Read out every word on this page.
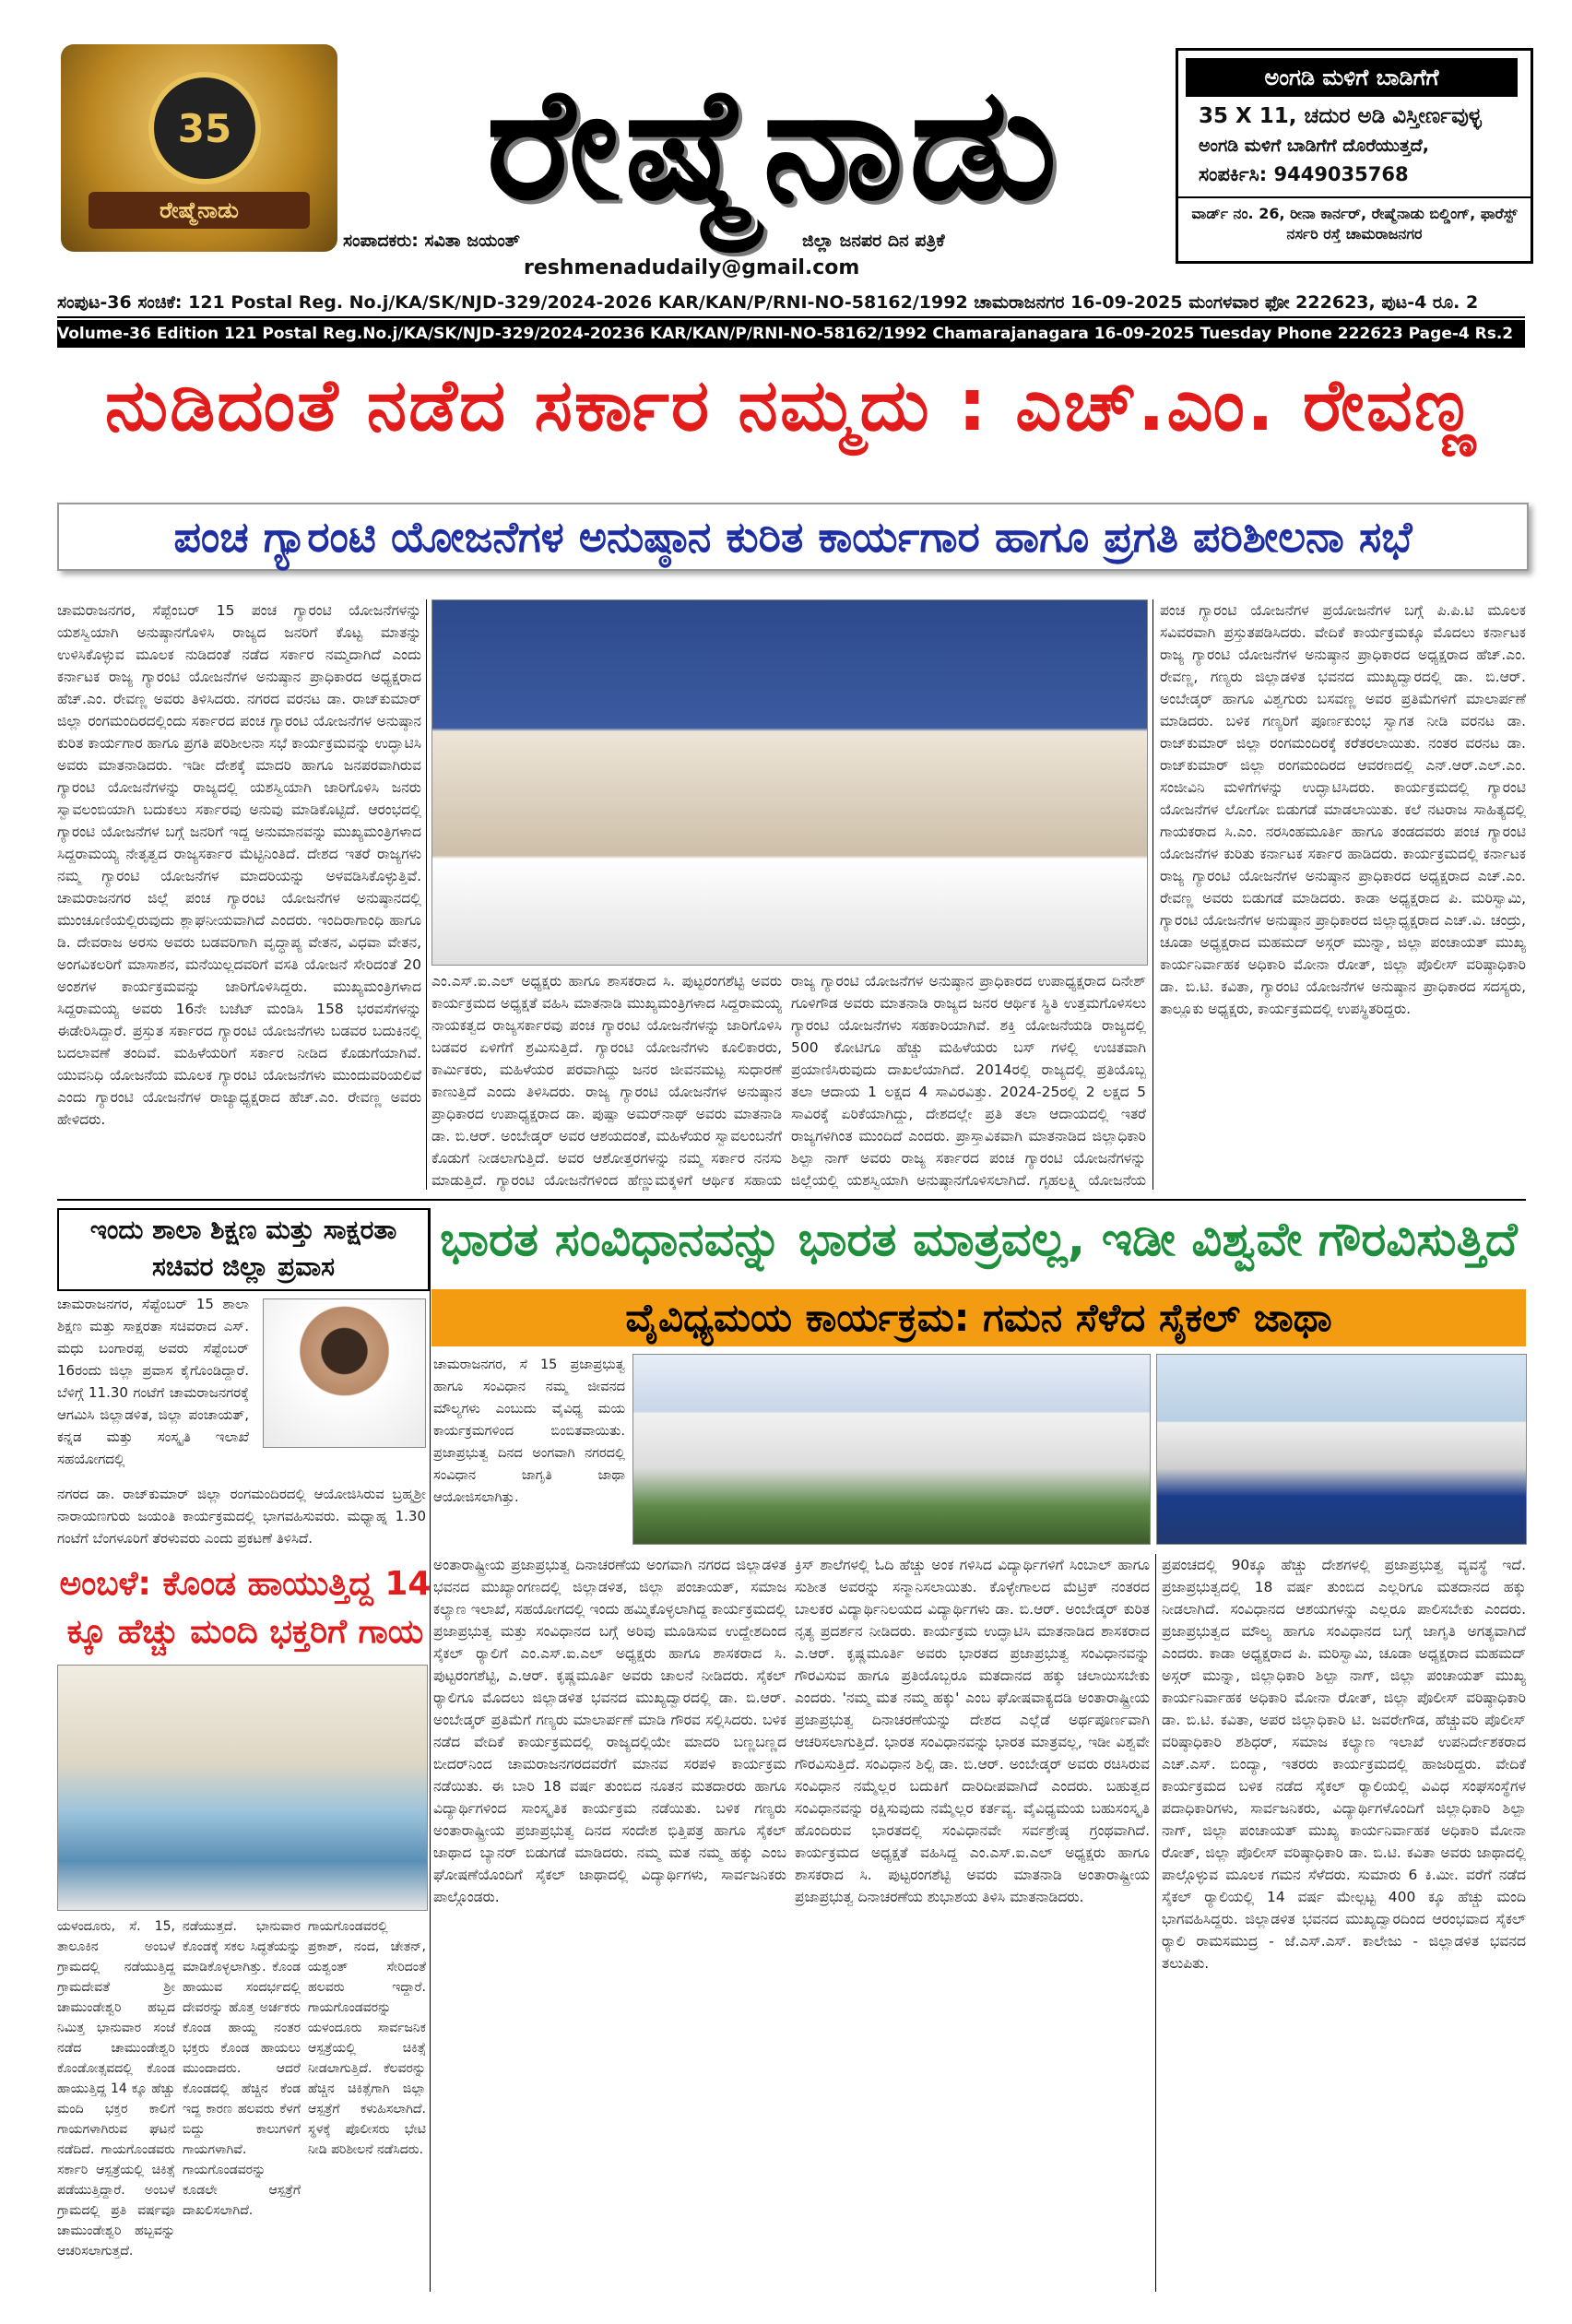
35
ರೇಷ್ಮೆನಾಡು	ರೇಷ್ಮೆನಾಡು
ಸಂಪಾದಕರು: ಸವಿತಾ ಜಯಂತ್	ಜಿಲ್ಲಾ ಜನಪರ ದಿನ ಪತ್ರಿಕೆ
reshmenadudaily@gmail.com
ಅಂಗಡಿ ಮಳಿಗೆ ಬಾಡಿಗೆಗೆ
35 X 11, ಚದುರ ಅಡಿ ವಿಸ್ತೀರ್ಣವುಳ್ಳ
ಅಂಗಡಿ ಮಳಿಗೆ ಬಾಡಿಗೆಗೆ ದೊರೆಯುತ್ತದೆ,
ಸಂಪರ್ಕಿಸಿ: 9449035768
ವಾರ್ಡ್ ನಂ. 26, ರೀನಾ ಕಾರ್ನರ್, ರೇಷ್ಮೆನಾಡು ಬಿಲ್ಡಿಂಗ್, ಫಾರೆಸ್ಟ್ ನರ್ಸರಿ ರಸ್ತೆ ಚಾಮರಾಜನಗರ
ಸಂಪುಟ-36 ಸಂಚಿಕೆ: 121 Postal Reg. No.j/KA/SK/NJD-329/2024-2026 KAR/KAN/P/RNI-NO-58162/1992 ಚಾಮರಾಜನಗರ 16-09-2025 ಮಂಗಳವಾರ ಫೋ 222623, ಪುಟ-4 ರೂ. 2
Volume-36 Edition 121 Postal Reg.No.j/KA/SK/NJD-329/2024-20236 KAR/KAN/P/RNI-NO-58162/1992 Chamarajanagara 16-09-2025 Tuesday Phone 222623 Page-4 Rs.2
ನುಡಿದಂತೆ ನಡೆದ ಸರ್ಕಾರ ನಮ್ಮದು : ಎಚ್.ಎಂ. ರೇವಣ್ಣ
ಪಂಚ ಗ್ಯಾರಂಟಿ ಯೋಜನೆಗಳ ಅನುಷ್ಠಾನ ಕುರಿತ ಕಾರ್ಯಗಾರ ಹಾಗೂ ಪ್ರಗತಿ ಪರಿಶೀಲನಾ ಸಭೆ
ಚಾಮರಾಜನಗರ, ಸೆಪ್ಟೆಂಬರ್ 15 ಪಂಚ ಗ್ಯಾರಂಟಿ ಯೋಜನೆಗಳನ್ನು ಯಶಸ್ವಿಯಾಗಿ ಅನುಷ್ಠಾನಗೊಳಿಸಿ ರಾಜ್ಯದ ಜನರಿಗೆ ಕೊಟ್ಟ ಮಾತನ್ನು ಉಳಿಸಿಕೊಳ್ಳುವ ಮೂಲಕ ನುಡಿದಂತೆ ನಡೆದ ಸರ್ಕಾರ ನಮ್ಮದಾಗಿದೆ ಎಂದು ಕರ್ನಾಟಕ ರಾಜ್ಯ ಗ್ಯಾರಂಟಿ ಯೋಜನೆಗಳ ಅನುಷ್ಠಾನ ಪ್ರಾಧಿಕಾರದ ಅಧ್ಯಕ್ಷರಾದ ಹೆಚ್.ಎಂ. ರೇವಣ್ಣ ಅವರು ತಿಳಿಸಿದರು. ನಗರದ ವರನಟ ಡಾ. ರಾಜ್‌ಕುಮಾರ್ ಜಿಲ್ಲಾ ರಂಗಮಂದಿರದಲ್ಲಿಂದು ಸರ್ಕಾರದ ಪಂಚ ಗ್ಯಾರಂಟಿ ಯೋಜನೆಗಳ ಅನುಷ್ಠಾನ ಕುರಿತ ಕಾರ್ಯಗಾರ ಹಾಗೂ ಪ್ರಗತಿ ಪರಿಶೀಲನಾ ಸಭೆ ಕಾರ್ಯಕ್ರಮವನ್ನು ಉದ್ಘಾಟಿಸಿ ಅವರು ಮಾತನಾಡಿದರು. ಇಡೀ ದೇಶಕ್ಕೆ ಮಾದರಿ ಹಾಗೂ ಜನಪರವಾಗಿರುವ ಗ್ಯಾರಂಟಿ ಯೋಜನೆಗಳನ್ನು ರಾಜ್ಯದಲ್ಲಿ ಯಶಸ್ವಿಯಾಗಿ ಜಾರಿಗೊಳಿಸಿ ಜನರು ಸ್ವಾವಲಂಬಿಯಾಗಿ ಬದುಕಲು ಸರ್ಕಾರವು ಅನುವು ಮಾಡಿಕೊಟ್ಟಿದೆ. ಆರಂಭದಲ್ಲಿ ಗ್ಯಾರಂಟಿ ಯೋಜನೆಗಳ ಬಗ್ಗೆ ಜನರಿಗೆ ಇದ್ದ ಅನುಮಾನವನ್ನು ಮುಖ್ಯಮಂತ್ರಿಗಳಾದ ಸಿದ್ದರಾಮಯ್ಯ ನೇತೃತ್ವದ ರಾಜ್ಯಸರ್ಕಾರ ಮೆಟ್ಟಿನಿಂತಿದೆ. ದೇಶದ ಇತರೆ ರಾಜ್ಯಗಳು ನಮ್ಮ ಗ್ಯಾರಂಟಿ ಯೋಜನೆಗಳ ಮಾದರಿಯನ್ನು ಅಳವಡಿಸಿಕೊಳ್ಳುತ್ತಿವೆ. ಚಾಮರಾಜನಗರ ಜಿಲ್ಲೆ ಪಂಚ ಗ್ಯಾರಂಟಿ ಯೋಜನೆಗಳ ಅನುಷ್ಠಾನದಲ್ಲಿ ಮುಂಚೂಣಿಯಲ್ಲಿರುವುದು ಶ್ಲಾಘನೀಯವಾಗಿದೆ ಎಂದರು. ಇಂದಿರಾಗಾಂಧಿ ಹಾಗೂ ಡಿ. ದೇವರಾಜ ಅರಸು ಅವರು ಬಡವರಿಗಾಗಿ ವೃದ್ಧಾಪ್ಯ ವೇತನ, ವಿಧವಾ ವೇತನ, ಅಂಗವಿಕಲರಿಗೆ ಮಾಸಾಶನ, ಮನೆಯಿಲ್ಲದವರಿಗೆ ವಸತಿ ಯೋಜನೆ ಸೇರಿದಂತೆ 20 ಅಂಶಗಳ ಕಾರ್ಯಕ್ರಮವನ್ನು ಜಾರಿಗೊಳಿಸಿದ್ದರು. ಮುಖ್ಯಮಂತ್ರಿಗಳಾದ ಸಿದ್ದರಾಮಯ್ಯ ಅವರು 16ನೇ ಬಜೆಟ್ ಮಂಡಿಸಿ 158 ಭರವಸೆಗಳನ್ನು ಈಡೇರಿಸಿದ್ದಾರೆ. ಪ್ರಸ್ತುತ ಸರ್ಕಾರದ ಗ್ಯಾರಂಟಿ ಯೋಜನೆಗಳು ಬಡವರ ಬದುಕಿನಲ್ಲಿ ಬದಲಾವಣೆ ತಂದಿವೆ. ಮಹಿಳೆಯರಿಗೆ ಸರ್ಕಾರ ನೀಡಿದ ಕೊಡುಗೆಯಾಗಿವೆ. ಯುವನಿಧಿ ಯೋಜನೆಯ ಮೂಲಕ ಗ್ಯಾರಂಟಿ ಯೋಜನೆಗಳು ಮುಂದುವರಿಯಲಿವೆ ಎಂದು ಗ್ಯಾರಂಟಿ ಯೋಜನೆಗಳ ರಾಜ್ಯಾಧ್ಯಕ್ಷರಾದ ಹೆಚ್.ಎಂ. ರೇವಣ್ಣ ಅವರು ಹೇಳಿದರು.
ಎಂ.ಎಸ್.ಐ.ಎಲ್ ಅಧ್ಯಕ್ಷರು ಹಾಗೂ ಶಾಸಕರಾದ ಸಿ. ಪುಟ್ಟರಂಗಶೆಟ್ಟಿ ಅವರು ಕಾರ್ಯಕ್ರಮದ ಅಧ್ಯಕ್ಷತೆ ವಹಿಸಿ ಮಾತನಾಡಿ ಮುಖ್ಯಮಂತ್ರಿಗಳಾದ ಸಿದ್ದರಾಮಯ್ಯ ನಾಯಕತ್ವದ ರಾಜ್ಯಸರ್ಕಾರವು ಪಂಚ ಗ್ಯಾರಂಟಿ ಯೋಜನೆಗಳನ್ನು ಜಾರಿಗೊಳಿಸಿ ಬಡವರ ಏಳಿಗೆಗೆ ಶ್ರಮಿಸುತ್ತಿದೆ. ಗ್ಯಾರಂಟಿ ಯೋಜನೆಗಳು ಕೂಲಿಕಾರರು, ಕಾರ್ಮಿಕರು, ಮಹಿಳೆಯರ ಪರವಾಗಿದ್ದು ಜನರ ಜೀವನಮಟ್ಟ ಸುಧಾರಣೆ ಕಾಣುತ್ತಿದೆ ಎಂದು ತಿಳಿಸಿದರು. ರಾಜ್ಯ ಗ್ಯಾರಂಟಿ ಯೋಜನೆಗಳ ಅನುಷ್ಠಾನ ಪ್ರಾಧಿಕಾರದ ಉಪಾಧ್ಯಕ್ಷರಾದ ಡಾ. ಪುಷ್ಪಾ ಅಮರ್‌ನಾಥ್ ಅವರು ಮಾತನಾಡಿ ಡಾ. ಬಿ.ಆರ್. ಅಂಬೇಡ್ಕರ್ ಅವರ ಆಶಯದಂತೆ, ಮಹಿಳೆಯರ ಸ್ವಾವಲಂಬನೆಗೆ ಕೊಡುಗೆ ನೀಡಲಾಗುತ್ತಿದೆ. ಅವರ ಆಶೋತ್ತರಗಳನ್ನು ನಮ್ಮ ಸರ್ಕಾರ ನನಸು ಮಾಡುತ್ತಿದೆ. ಗ್ಯಾರಂಟಿ ಯೋಜನೆಗಳಿಂದ ಹೆಣ್ಣುಮಕ್ಕಳಿಗೆ ಆರ್ಥಿಕ ಸಹಾಯ
ರಾಜ್ಯ ಗ್ಯಾರಂಟಿ ಯೋಜನೆಗಳ ಅನುಷ್ಠಾನ ಪ್ರಾಧಿಕಾರದ ಉಪಾಧ್ಯಕ್ಷರಾದ ದಿನೇಶ್ ಗೂಳಿಗೌಡ ಅವರು ಮಾತನಾಡಿ ರಾಜ್ಯದ ಜನರ ಆರ್ಥಿಕ ಸ್ಥಿತಿ ಉತ್ತಮಗೊಳಿಸಲು ಗ್ಯಾರಂಟಿ ಯೋಜನೆಗಳು ಸಹಕಾರಿಯಾಗಿವೆ. ಶಕ್ತಿ ಯೋಜನೆಯಡಿ ರಾಜ್ಯದಲ್ಲಿ 500 ಕೋಟಿಗೂ ಹೆಚ್ಚು ಮಹಿಳೆಯರು ಬಸ್‌ ಗಳಲ್ಲಿ ಉಚಿತವಾಗಿ ಪ್ರಯಾಣಿಸಿರುವುದು ದಾಖಲೆಯಾಗಿದೆ. 2014ರಲ್ಲಿ ರಾಜ್ಯದಲ್ಲಿ ಪ್ರತಿಯೊಬ್ಬ ತಲಾ ಆದಾಯ 1 ಲಕ್ಷದ 4 ಸಾವಿರವಿತ್ತು. 2024-25ರಲ್ಲಿ 2 ಲಕ್ಷದ 5 ಸಾವಿರಕ್ಕೆ ಏರಿಕೆಯಾಗಿದ್ದು, ದೇಶದಲ್ಲೇ ಪ್ರತಿ ತಲಾ ಆದಾಯದಲ್ಲಿ ಇತರೆ ರಾಜ್ಯಗಳಿಗಿಂತ ಮುಂದಿದೆ ಎಂದರು. ಪ್ರಾಸ್ತಾವಿಕವಾಗಿ ಮಾತನಾಡಿದ ಜಿಲ್ಲಾಧಿಕಾರಿ ಶಿಲ್ಪಾ ನಾಗ್ ಅವರು ರಾಜ್ಯ ಸರ್ಕಾರದ ಪಂಚ ಗ್ಯಾರಂಟಿ ಯೋಜನೆಗಳನ್ನು ಜಿಲ್ಲೆಯಲ್ಲಿ ಯಶಸ್ವಿಯಾಗಿ ಅನುಷ್ಠಾನಗೊಳಿಸಲಾಗಿದೆ. ಗೃಹಲಕ್ಷ್ಮಿ ಯೋಜನೆಯ
ಪಂಚ ಗ್ಯಾರಂಟಿ ಯೋಜನೆಗಳ ಪ್ರಯೋಜನೆಗಳ ಬಗ್ಗೆ ಪಿ.ಪಿ.ಟಿ ಮೂಲಕ ಸವಿವರವಾಗಿ ಪ್ರಸ್ತುತಪಡಿಸಿದರು. ವೇದಿಕೆ ಕಾರ್ಯಕ್ರಮಕ್ಕೂ ಮೊದಲು ಕರ್ನಾಟಕ ರಾಜ್ಯ ಗ್ಯಾರಂಟಿ ಯೋಜನೆಗಳ ಅನುಷ್ಠಾನ ಪ್ರಾಧಿಕಾರದ ಅಧ್ಯಕ್ಷರಾದ ಹೆಚ್.ಎಂ. ರೇವಣ್ಣ, ಗಣ್ಯರು ಜಿಲ್ಲಾಡಳಿತ ಭವನದ ಮುಖ್ಯದ್ವಾರದಲ್ಲಿ ಡಾ. ಬಿ.ಆರ್. ಅಂಬೇಡ್ಕರ್ ಹಾಗೂ ವಿಶ್ವಗುರು ಬಸವಣ್ಣ ಅವರ ಪ್ರತಿಮೆಗಳಿಗೆ ಮಾಲಾರ್ಪಣೆ ಮಾಡಿದರು. ಬಳಿಕ ಗಣ್ಯರಿಗೆ ಪೂರ್ಣಕುಂಭ ಸ್ವಾಗತ ನೀಡಿ ವರನಟ ಡಾ. ರಾಜ್‌ಕುಮಾರ್ ಜಿಲ್ಲಾ ರಂಗಮಂದಿರಕ್ಕೆ ಕರೆತರಲಾಯಿತು. ನಂತರ ವರನಟ ಡಾ. ರಾಜ್‌ಕುಮಾರ್ ಜಿಲ್ಲಾ ರಂಗಮಂದಿರದ ಆವರಣದಲ್ಲಿ ಎನ್.ಆರ್.ಎಲ್.ಎಂ. ಸಂಜೀವಿನಿ ಮಳಿಗೆಗಳನ್ನು ಉದ್ಘಾಟಿಸಿದರು. ಕಾರ್ಯಕ್ರಮದಲ್ಲಿ ಗ್ಯಾರಂಟಿ ಯೋಜನೆಗಳ ಲೋಗೋ ಬಿಡುಗಡೆ ಮಾಡಲಾಯಿತು. ಕಲೆ ನಟರಾಜ ಸಾಹಿತ್ಯದಲ್ಲಿ ಗಾಯಕರಾದ ಸಿ.ಎಂ. ನರಸಿಂಹಮೂರ್ತಿ ಹಾಗೂ ತಂಡದವರು ಪಂಚ ಗ್ಯಾರಂಟಿ ಯೋಜನೆಗಳ ಕುರಿತು ಕರ್ನಾಟಕ ಸರ್ಕಾರ ಹಾಡಿದರು. ಕಾರ್ಯಕ್ರಮದಲ್ಲಿ ಕರ್ನಾಟಕ ರಾಜ್ಯ ಗ್ಯಾರಂಟಿ ಯೋಜನೆಗಳ ಅನುಷ್ಠಾನ ಪ್ರಾಧಿಕಾರದ ಅಧ್ಯಕ್ಷರಾದ ಎಚ್.ಎಂ. ರೇವಣ್ಣ ಅವರು ಬಿಡುಗಡೆ ಮಾಡಿದರು. ಕಾಡಾ ಅಧ್ಯಕ್ಷರಾದ ಪಿ. ಮರಿಸ್ವಾಮಿ, ಗ್ಯಾರಂಟಿ ಯೋಜನೆಗಳ ಅನುಷ್ಠಾನ ಪ್ರಾಧಿಕಾರದ ಜಿಲ್ಲಾಧ್ಯಕ್ಷರಾದ ಎಚ್.ವಿ. ಚಂದ್ರು, ಚೂಡಾ ಅಧ್ಯಕ್ಷರಾದ ಮಹಮದ್ ಅಸ್ಗರ್ ಮುನ್ನಾ, ಜಿಲ್ಲಾ ಪಂಚಾಯತ್ ಮುಖ್ಯ ಕಾರ್ಯನಿರ್ವಾಹಕ ಅಧಿಕಾರಿ ಮೋನಾ ರೋತ್, ಜಿಲ್ಲಾ ಪೊಲೀಸ್ ವರಿಷ್ಠಾಧಿಕಾರಿ ಡಾ. ಬಿ.ಟಿ. ಕವಿತಾ, ಗ್ಯಾರಂಟಿ ಯೋಜನೆಗಳ ಅನುಷ್ಠಾನ ಪ್ರಾಧಿಕಾರದ ಸದಸ್ಯರು, ತಾಲ್ಲೂಕು ಅಧ್ಯಕ್ಷರು, ಕಾರ್ಯಕ್ರಮದಲ್ಲಿ ಉಪಸ್ಥಿತರಿದ್ದರು.
ಇಂದು ಶಾಲಾ ಶಿಕ್ಷಣ ಮತ್ತು ಸಾಕ್ಷರತಾ ಸಚಿವರ ಜಿಲ್ಲಾ ಪ್ರವಾಸ
ಚಾಮರಾಜನಗರ, ಸೆಪ್ಟೆಂಬರ್ 15 ಶಾಲಾ ಶಿಕ್ಷಣ ಮತ್ತು ಸಾಕ್ಷರತಾ ಸಚಿವರಾದ ಎಸ್. ಮಧು ಬಂಗಾರಪ್ಪ ಅವರು ಸೆಪ್ಟೆಂಬರ್ 16ರಂದು ಜಿಲ್ಲಾ ಪ್ರವಾಸ ಕೈಗೊಂಡಿದ್ದಾರೆ. ಬೆಳಿಗ್ಗೆ 11.30 ಗಂಟೆಗೆ ಚಾಮರಾಜನಗರಕ್ಕೆ ಆಗಮಿಸಿ ಜಿಲ್ಲಾಡಳಿತ, ಜಿಲ್ಲಾ ಪಂಚಾಯತ್, ಕನ್ನಡ ಮತ್ತು ಸಂಸ್ಕೃತಿ ಇಲಾಖೆ ಸಹಯೋಗದಲ್ಲಿ
ನಗರದ ಡಾ. ರಾಜ್‌ಕುಮಾರ್ ಜಿಲ್ಲಾ ರಂಗಮಂದಿರದಲ್ಲಿ ಆಯೋಜಿಸಿರುವ ಬ್ರಹ್ಮಶ್ರೀ ನಾರಾಯಣಗುರು ಜಯಂತಿ ಕಾರ್ಯಕ್ರಮದಲ್ಲಿ ಭಾಗವಹಿಸುವರು. ಮಧ್ಯಾಹ್ನ 1.30 ಗಂಟೆಗೆ ಬೆಂಗಳೂರಿಗೆ ತೆರಳುವರು ಎಂದು ಪ್ರಕಟಣೆ ತಿಳಿಸಿದೆ.
ಭಾರತ ಸಂವಿಧಾನವನ್ನು ಭಾರತ ಮಾತ್ರವಲ್ಲ, ಇಡೀ ವಿಶ್ವವೇ ಗೌರವಿಸುತ್ತಿದೆ
ವೈವಿಧ್ಯಮಯ ಕಾರ್ಯಕ್ರಮ: ಗಮನ ಸೆಳೆದ ಸೈಕಲ್ ಜಾಥಾ
ಚಾಮರಾಜನಗರ, ಸೆ 15 ಪ್ರಜಾಪ್ರಭುತ್ವ ಹಾಗೂ ಸಂವಿಧಾನ ನಮ್ಮ ಜೀವನದ ಮೌಲ್ಯಗಳು ಎಂಬುದು ವೈವಿಧ್ಯ ಮಯ ಕಾರ್ಯಕ್ರಮಗಳಿಂದ ಬಿಂಬಿತವಾಯಿತು. ಪ್ರಜಾಪ್ರಭುತ್ವ ದಿನದ ಅಂಗವಾಗಿ ನಗರದಲ್ಲಿ ಸಂವಿಧಾನ ಜಾಗೃತಿ ಜಾಥಾ ಆಯೋಜಿಸಲಾಗಿತ್ತು.
ಅಂತಾರಾಷ್ಟ್ರೀಯ ಪ್ರಜಾಪ್ರಭುತ್ವ ದಿನಾಚರಣೆಯ ಅಂಗವಾಗಿ ನಗರದ ಜಿಲ್ಲಾಡಳಿತ ಭವನದ ಮುಖ್ಯಾಂಗಣದಲ್ಲಿ ಜಿಲ್ಲಾಡಳಿತ, ಜಿಲ್ಲಾ ಪಂಚಾಯತ್, ಸಮಾಜ ಕಲ್ಯಾಣ ಇಲಾಖೆ, ಸಹಯೋಗದಲ್ಲಿ ಇಂದು ಹಮ್ಮಿಕೊಳ್ಳಲಾಗಿದ್ದ ಕಾರ್ಯಕ್ರಮದಲ್ಲಿ ಪ್ರಜಾಪ್ರಭುತ್ವ ಮತ್ತು ಸಂವಿಧಾನದ ಬಗ್ಗೆ ಅರಿವು ಮೂಡಿಸುವ ಉದ್ದೇಶದಿಂದ ಸೈಕಲ್ ರ್‍ಯಾಲಿಗೆ ಎಂ.ಎಸ್.ಐ.ಎಲ್ ಅಧ್ಯಕ್ಷರು ಹಾಗೂ ಶಾಸಕರಾದ ಸಿ. ಪುಟ್ಟರಂಗಶೆಟ್ಟಿ, ಎ.ಆರ್. ಕೃಷ್ಣಮೂರ್ತಿ ಅವರು ಚಾಲನೆ ನೀಡಿದರು. ಸೈಕಲ್ ರ್‍ಯಾಲಿಗೂ ಮೊದಲು ಜಿಲ್ಲಾಡಳಿತ ಭವನದ ಮುಖ್ಯದ್ವಾರದಲ್ಲಿ ಡಾ. ಬಿ.ಆರ್. ಅಂಬೇಡ್ಕರ್ ಪ್ರತಿಮೆಗೆ ಗಣ್ಯರು ಮಾಲಾರ್ಪಣೆ ಮಾಡಿ ಗೌರವ ಸಲ್ಲಿಸಿದರು. ಬಳಿಕ ನಡೆದ ವೇದಿಕೆ ಕಾರ್ಯಕ್ರಮದಲ್ಲಿ ರಾಜ್ಯದಲ್ಲಿಯೇ ಮಾದರಿ ಬಣ್ಣಬಣ್ಣದ ಬೀದರ್‌ನಿಂದ ಚಾಮರಾಜನಗರದವರೆಗೆ ಮಾನವ ಸರಪಳಿ ಕಾರ್ಯಕ್ರಮ ನಡೆಯಿತು. ಈ ಬಾರಿ 18 ವರ್ಷ ತುಂಬಿದ ನೂತನ ಮತದಾರರು ಹಾಗೂ ವಿದ್ಯಾರ್ಥಿಗಳಿಂದ ಸಾಂಸ್ಕೃತಿಕ ಕಾರ್ಯಕ್ರಮ ನಡೆಯಿತು. ಬಳಿಕ ಗಣ್ಯರು ಅಂತಾರಾಷ್ಟ್ರೀಯ ಪ್ರಜಾಪ್ರಭುತ್ವ ದಿನದ ಸಂದೇಶ ಭಿತ್ತಿಪತ್ರ ಹಾಗೂ ಸೈಕಲ್ ಜಾಥಾದ ಬ್ಯಾನರ್ ಬಿಡುಗಡೆ ಮಾಡಿದರು. ನಮ್ಮ ಮತ ನಮ್ಮ ಹಕ್ಕು ಎಂಬ ಘೋಷಣೆಯೊಂದಿಗೆ ಸೈಕಲ್ ಜಾಥಾದಲ್ಲಿ ವಿದ್ಯಾರ್ಥಿಗಳು, ಸಾರ್ವಜನಿಕರು ಪಾಲ್ಗೊಂಡರು.
ಕ್ರಿಸ್ ಶಾಲೆಗಳಲ್ಲಿ ಓದಿ ಹೆಚ್ಚು ಅಂಕ ಗಳಿಸಿದ ವಿದ್ಯಾರ್ಥಿಗಳಿಗೆ ಸಿಂಬಾಲ್ ಹಾಗೂ ಸುಶೀತ ಅವರನ್ನು ಸನ್ಮಾನಿಸಲಾಯಿತು. ಕೊಳ್ಳೇಗಾಲದ ಮೆಟ್ರಿಕ್ ನಂತರದ ಬಾಲಕರ ವಿದ್ಯಾರ್ಥಿನಿಲಯದ ವಿದ್ಯಾರ್ಥಿಗಳು ಡಾ. ಬಿ.ಆರ್. ಅಂಬೇಡ್ಕರ್ ಕುರಿತ ನೃತ್ಯ ಪ್ರದರ್ಶನ ನೀಡಿದರು. ಕಾರ್ಯಕ್ರಮ ಉದ್ಘಾಟಿಸಿ ಮಾತನಾಡಿದ ಶಾಸಕರಾದ ಎ.ಆರ್. ಕೃಷ್ಣಮೂರ್ತಿ ಅವರು ಭಾರತದ ಪ್ರಜಾಪ್ರಭುತ್ವ ಸಂವಿಧಾನವನ್ನು ಗೌರವಿಸುವ ಹಾಗೂ ಪ್ರತಿಯೊಬ್ಬರೂ ಮತದಾನದ ಹಕ್ಕು ಚಲಾಯಿಸಬೇಕು ಎಂದರು. 'ನಮ್ಮ ಮತ ನಮ್ಮ ಹಕ್ಕು' ಎಂಬ ಘೋಷವಾಕ್ಯದಡಿ ಅಂತಾರಾಷ್ಟ್ರೀಯ ಪ್ರಜಾಪ್ರಭುತ್ವ ದಿನಾಚರಣೆಯನ್ನು ದೇಶದ ಎಲ್ಲೆಡೆ ಅರ್ಥಪೂರ್ಣವಾಗಿ ಆಚರಿಸಲಾಗುತ್ತಿದೆ. ಭಾರತ ಸಂವಿಧಾನವನ್ನು ಭಾರತ ಮಾತ್ರವಲ್ಲ, ಇಡೀ ವಿಶ್ವವೇ ಗೌರವಿಸುತ್ತಿದೆ. ಸಂವಿಧಾನ ಶಿಲ್ಪಿ ಡಾ. ಬಿ.ಆರ್. ಅಂಬೇಡ್ಕರ್ ಅವರು ರಚಿಸಿರುವ ಸಂವಿಧಾನ ನಮ್ಮೆಲ್ಲರ ಬದುಕಿಗೆ ದಾರಿದೀಪವಾಗಿದೆ ಎಂದರು. ಬಹುತ್ವದ ಸಂವಿಧಾನವನ್ನು ರಕ್ಷಿಸುವುದು ನಮ್ಮೆಲ್ಲರ ಕರ್ತವ್ಯ. ವೈವಿಧ್ಯಮಯ ಬಹುಸಂಸ್ಕೃತಿ ಹೊಂದಿರುವ ಭಾರತದಲ್ಲಿ ಸಂವಿಧಾನವೇ ಸರ್ವಶ್ರೇಷ್ಠ ಗ್ರಂಥವಾಗಿದೆ. ಕಾರ್ಯಕ್ರಮದ ಅಧ್ಯಕ್ಷತೆ ವಹಿಸಿದ್ದ ಎಂ.ಎಸ್.ಐ.ಎಲ್ ಅಧ್ಯಕ್ಷರು ಹಾಗೂ ಶಾಸಕರಾದ ಸಿ. ಪುಟ್ಟರಂಗಶೆಟ್ಟಿ ಅವರು ಮಾತನಾಡಿ ಅಂತಾರಾಷ್ಟ್ರೀಯ ಪ್ರಜಾಪ್ರಭುತ್ವ ದಿನಾಚರಣೆಯ ಶುಭಾಶಯ ತಿಳಿಸಿ ಮಾತನಾಡಿದರು.
ಪ್ರಪಂಚದಲ್ಲಿ 90ಕ್ಕೂ ಹೆಚ್ಚು ದೇಶಗಳಲ್ಲಿ ಪ್ರಜಾಪ್ರಭುತ್ವ ವ್ಯವಸ್ಥೆ ಇದೆ. ಪ್ರಜಾಪ್ರಭುತ್ವದಲ್ಲಿ 18 ವರ್ಷ ತುಂಬಿದ ಎಲ್ಲರಿಗೂ ಮತದಾನದ ಹಕ್ಕು ನೀಡಲಾಗಿದೆ. ಸಂವಿಧಾನದ ಆಶಯಗಳನ್ನು ಎಲ್ಲರೂ ಪಾಲಿಸಬೇಕು ಎಂದರು. ಪ್ರಜಾಪ್ರಭುತ್ವದ ಮೌಲ್ಯ ಹಾಗೂ ಸಂವಿಧಾನದ ಬಗ್ಗೆ ಜಾಗೃತಿ ಅಗತ್ಯವಾಗಿದೆ ಎಂದರು. ಕಾಡಾ ಅಧ್ಯಕ್ಷರಾದ ಪಿ. ಮರಿಸ್ವಾಮಿ, ಚೂಡಾ ಅಧ್ಯಕ್ಷರಾದ ಮಹಮದ್ ಅಸ್ಗರ್ ಮುನ್ನಾ, ಜಿಲ್ಲಾಧಿಕಾರಿ ಶಿಲ್ಪಾ ನಾಗ್, ಜಿಲ್ಲಾ ಪಂಚಾಯತ್ ಮುಖ್ಯ ಕಾರ್ಯನಿರ್ವಾಹಕ ಅಧಿಕಾರಿ ಮೋನಾ ರೋತ್, ಜಿಲ್ಲಾ ಪೊಲೀಸ್ ವರಿಷ್ಠಾಧಿಕಾರಿ ಡಾ. ಬಿ.ಟಿ. ಕವಿತಾ, ಅಪರ ಜಿಲ್ಲಾಧಿಕಾರಿ ಟಿ. ಜವರೇಗೌಡ, ಹೆಚ್ಚುವರಿ ಪೊಲೀಸ್ ವರಿಷ್ಠಾಧಿಕಾರಿ ಶಶಿಧರ್, ಸಮಾಜ ಕಲ್ಯಾಣ ಇಲಾಖೆ ಉಪನಿರ್ದೇಶಕರಾದ ಎಚ್.ಎಸ್. ಬಿಂದ್ಯಾ, ಇತರರು ಕಾರ್ಯಕ್ರಮದಲ್ಲಿ ಹಾಜರಿದ್ದರು. ವೇದಿಕೆ ಕಾರ್ಯಕ್ರಮದ ಬಳಿಕ ನಡೆದ ಸೈಕಲ್ ರ್‍ಯಾಲಿಯಲ್ಲಿ ವಿವಿಧ ಸಂಘಸಂಸ್ಥೆಗಳ ಪದಾಧಿಕಾರಿಗಳು, ಸಾರ್ವಜನಿಕರು, ವಿದ್ಯಾರ್ಥಿಗಳೊಂದಿಗೆ ಜಿಲ್ಲಾಧಿಕಾರಿ ಶಿಲ್ಪಾ ನಾಗ್, ಜಿಲ್ಲಾ ಪಂಚಾಯತ್ ಮುಖ್ಯ ಕಾರ್ಯನಿರ್ವಾಹಕ ಅಧಿಕಾರಿ ಮೋನಾ ರೋತ್, ಜಿಲ್ಲಾ ಪೊಲೀಸ್ ವರಿಷ್ಠಾಧಿಕಾರಿ ಡಾ. ಬಿ.ಟಿ. ಕವಿತಾ ಅವರು ಜಾಥಾದಲ್ಲಿ ಪಾಲ್ಗೊಳ್ಳುವ ಮೂಲಕ ಗಮನ ಸೆಳೆದರು. ಸುಮಾರು 6 ಕಿ.ಮೀ. ವರೆಗೆ ನಡೆದ ಸೈಕಲ್ ರ್‍ಯಾಲಿಯಲ್ಲಿ 14 ವರ್ಷ ಮೇಲ್ಪಟ್ಟ 400 ಕ್ಕೂ ಹೆಚ್ಚು ಮಂದಿ ಭಾಗವಹಿಸಿದ್ದರು. ಜಿಲ್ಲಾಡಳಿತ ಭವನದ ಮುಖ್ಯದ್ವಾರದಿಂದ ಆರಂಭವಾದ ಸೈಕಲ್ ರ್‍ಯಾಲಿ ರಾಮಸಮುದ್ರ - ಜೆ.ಎಸ್.ಎಸ್. ಕಾಲೇಜು - ಜಿಲ್ಲಾಡಳಿತ ಭವನದ ತಲುಪಿತು.
ಅಂಬಳೆ: ಕೊಂಡ ಹಾಯುತ್ತಿದ್ದ 14 ಕ್ಕೂ ಹೆಚ್ಚು ಮಂದಿ ಭಕ್ತರಿಗೆ ಗಾಯ
ಯಳಂದೂರು, ಸೆ. 15, ತಾಲೂಕಿನ ಅಂಬಳೆ ಗ್ರಾಮದಲ್ಲಿ ನಡೆಯುತ್ತಿದ್ದ ಗ್ರಾಮದೇವತೆ ಶ್ರೀ ಚಾಮುಂಡೇಶ್ವರಿ ಹಬ್ಬದ ನಿಮಿತ್ತ ಭಾನುವಾರ ಸಂಜೆ ನಡೆದ ಚಾಮುಂಡೇಶ್ವರಿ ಕೊಂಡೋತ್ಸವದಲ್ಲಿ ಕೊಂಡ ಹಾಯುತ್ತಿದ್ದ 14 ಕ್ಕೂ ಹೆಚ್ಚು ಮಂದಿ ಭಕ್ತರ ಕಾಲಿಗೆ ಗಾಯಗಳಾಗಿರುವ ಘಟನೆ ನಡೆದಿದೆ. ಗಾಯಗೊಂಡವರು ಸರ್ಕಾರಿ ಆಸ್ಪತ್ರೆಯಲ್ಲಿ ಚಿಕಿತ್ಸೆ ಪಡೆಯುತ್ತಿದ್ದಾರೆ. ಅಂಬಳೆ ಗ್ರಾಮದಲ್ಲಿ ಪ್ರತಿ ವರ್ಷವೂ ಚಾಮುಂಡೇಶ್ವರಿ ಹಬ್ಬವನ್ನು ಆಚರಿಸಲಾಗುತ್ತದೆ.
ನಡೆಯುತ್ತದೆ. ಭಾನುವಾರ ಕೊಂಡಕ್ಕೆ ಸಕಲ ಸಿದ್ಧತೆಯನ್ನು ಮಾಡಿಕೊಳ್ಳಲಾಗಿತ್ತು. ಕೊಂಡ ಹಾಯುವ ಸಂದರ್ಭದಲ್ಲಿ ದೇವರನ್ನು ಹೊತ್ತ ಅರ್ಚಕರು ಕೊಂಡ ಹಾಯ್ದ ನಂತರ ಭಕ್ತರು ಕೊಂಡ ಹಾಯಲು ಮುಂದಾದರು. ಆದರೆ ಕೊಂಡದಲ್ಲಿ ಹೆಚ್ಚಿನ ಕೆಂಡ ಇದ್ದ ಕಾರಣ ಹಲವರು ಕೆಳಗೆ ಬಿದ್ದು ಕಾಲುಗಳಿಗೆ ಗಾಯಗಳಾಗಿವೆ. ಗಾಯಗೊಂಡವರನ್ನು ಕೂಡಲೇ ಆಸ್ಪತ್ರೆಗೆ ದಾಖಲಿಸಲಾಗಿದೆ.
ಗಾಯಗೊಂಡವರಲ್ಲಿ ಪ್ರಕಾಶ್, ನಂದ, ಚೇತನ್, ಯಶ್ವಂತ್ ಸೇರಿದಂತೆ ಹಲವರು ಇದ್ದಾರೆ. ಗಾಯಗೊಂಡವರನ್ನು ಯಳಂದೂರು ಸಾರ್ವಜನಿಕ ಆಸ್ಪತ್ರೆಯಲ್ಲಿ ಚಿಕಿತ್ಸೆ ನೀಡಲಾಗುತ್ತಿದೆ. ಕೆಲವರನ್ನು ಹೆಚ್ಚಿನ ಚಿಕಿತ್ಸೆಗಾಗಿ ಜಿಲ್ಲಾ ಆಸ್ಪತ್ರೆಗೆ ಕಳುಹಿಸಲಾಗಿದೆ. ಸ್ಥಳಕ್ಕೆ ಪೊಲೀಸರು ಭೇಟಿ ನೀಡಿ ಪರಿಶೀಲನೆ ನಡೆಸಿದರು.
